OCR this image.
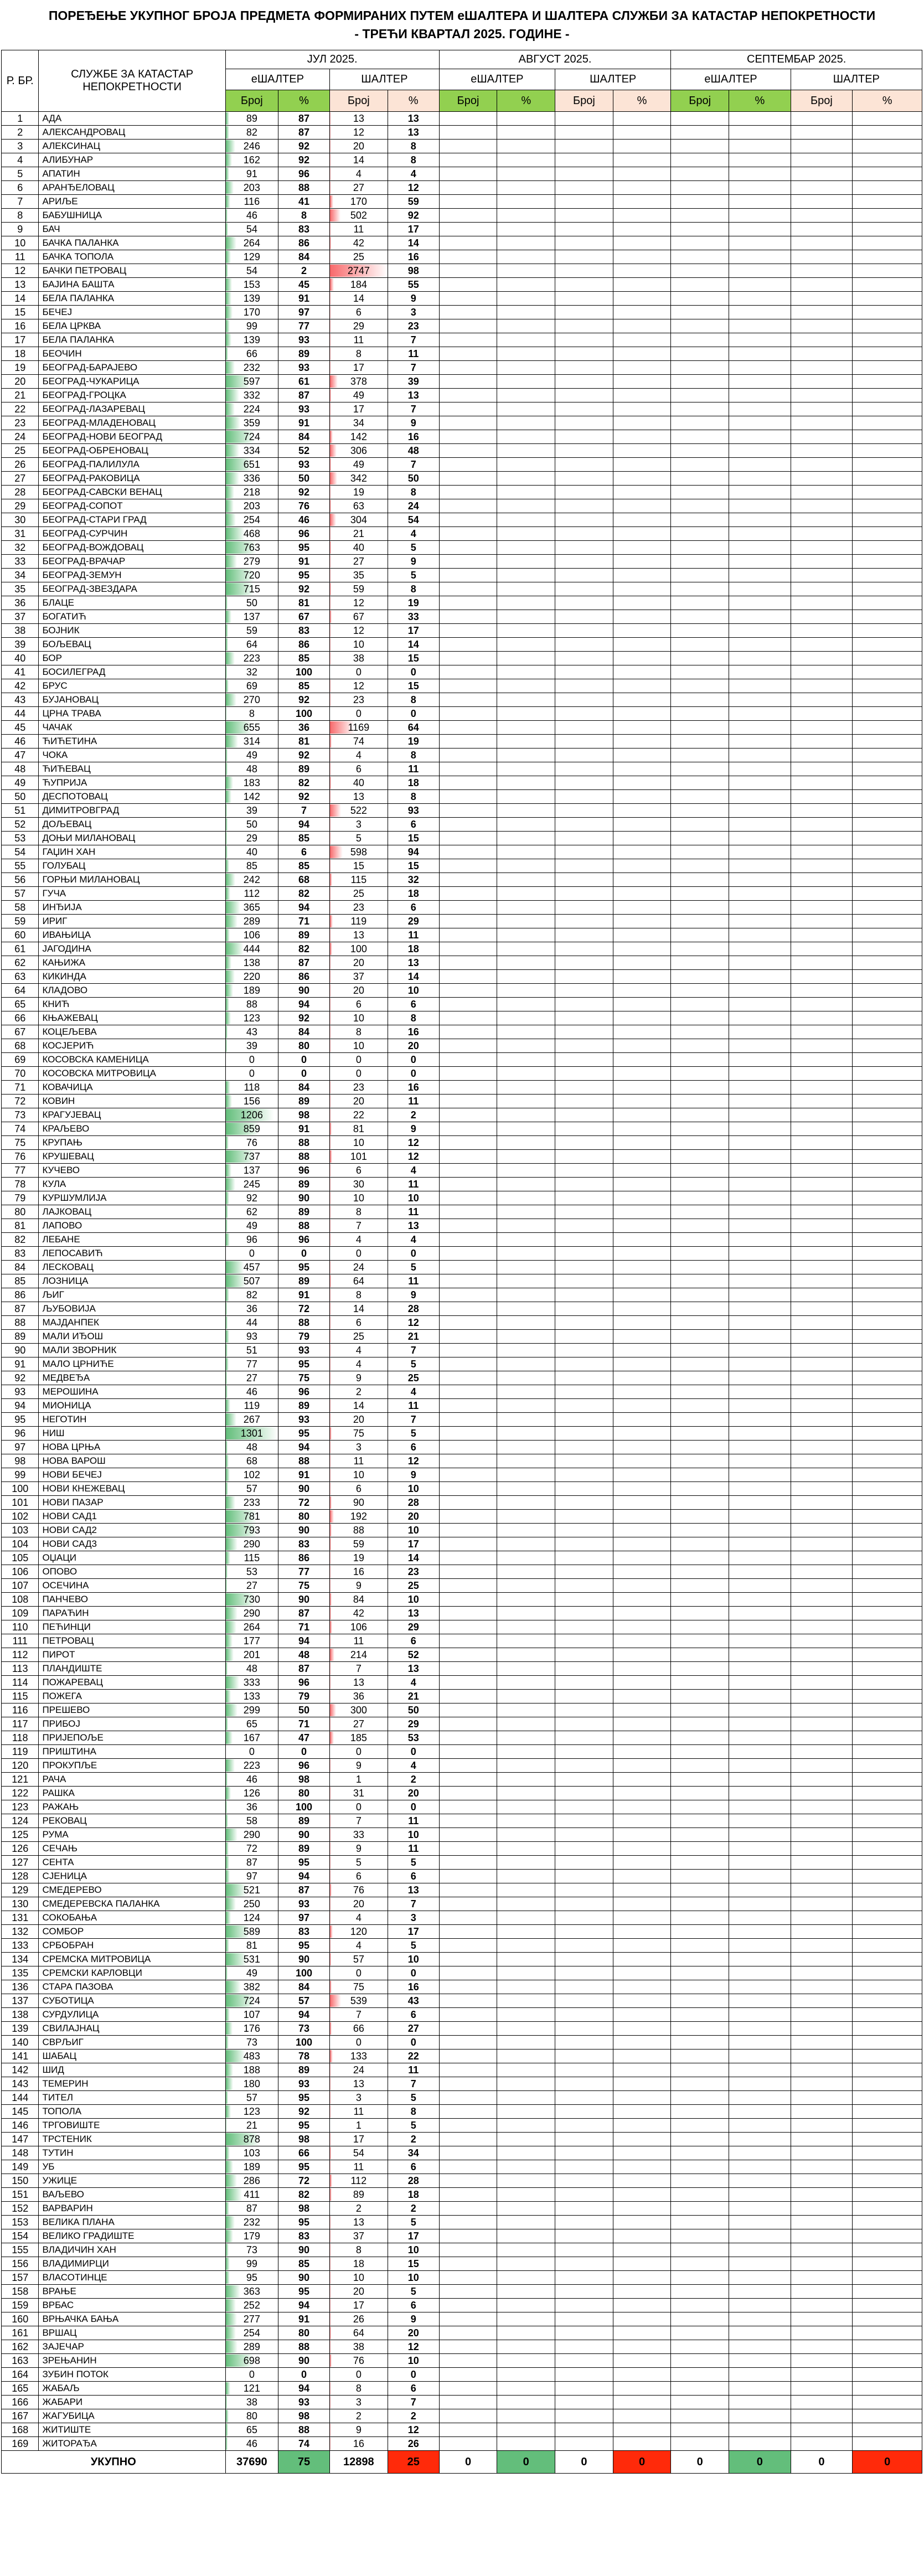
ПОРЕЂЕЊЕ УКУПНОГ БРОЈА ПРЕДМЕТА ФОРМИРАНИХ ПУТЕМ еШАЛТЕРА И ШАЛТЕРА СЛУЖБИ ЗА КАТАСТАР НЕПОКРЕТНОСТИ
- ТРЕЋИ КВАРТАЛ 2025. ГОДИНЕ -
Р. БР.	СЛУЖБЕ ЗА КАТАСТАР НЕПОКРЕТНОСТИ	ЈУЛ 2025.				АВГУСТ 2025.				СЕПТЕМБАР 2025.			
		еШАЛТЕР		ШАЛТЕР		еШАЛТЕР		ШАЛТЕР		еШАЛТЕР		ШАЛТЕР	
		Број	%	Број	%	Број	%	Број	%	Број	%	Број	%
1	АДА	89	87	13	13								
2	АЛЕКСАНДРОВАЦ	82	87	12	13								
3	АЛЕКСИНАЦ	246	92	20	8								
4	АЛИБУНАР	162	92	14	8								
5	АПАТИН	91	96	4	4								
6	АРАНЂЕЛОВАЦ	203	88	27	12								
7	АРИЉЕ	116	41	170	59								
8	БАБУШНИЦА	46	8	502	92								
9	БАЧ	54	83	11	17								
10	БАЧКА ПАЛАНКА	264	86	42	14								
11	БАЧКА ТОПОЛА	129	84	25	16								
12	БАЧКИ ПЕТРОВАЦ	54	2	2747	98								
13	БАЈИНА БАШТА	153	45	184	55								
14	БЕЛА ПАЛАНКА	139	91	14	9								
15	БЕЧЕЈ	170	97	6	3								
16	БЕЛА ЦРКВА	99	77	29	23								
17	БЕЛА ПАЛАНКА	139	93	11	7								
18	БЕОЧИН	66	89	8	11								
19	БЕОГРАД-БАРАЈЕВО	232	93	17	7								
20	БЕОГРАД-ЧУКАРИЦА	597	61	378	39								
21	БЕОГРАД-ГРОЦКА	332	87	49	13								
22	БЕОГРАД-ЛАЗАРЕВАЦ	224	93	17	7								
23	БЕОГРАД-МЛАДЕНОВАЦ	359	91	34	9								
24	БЕОГРАД-НОВИ БЕОГРАД	724	84	142	16								
25	БЕОГРАД-ОБРЕНОВАЦ	334	52	306	48								
26	БЕОГРАД-ПАЛИЛУЛА	651	93	49	7								
27	БЕОГРАД-РАКОВИЦА	336	50	342	50								
28	БЕОГРАД-САВСКИ ВЕНАЦ	218	92	19	8								
29	БЕОГРАД-СОПОТ	203	76	63	24								
30	БЕОГРАД-СТАРИ ГРАД	254	46	304	54								
31	БЕОГРАД-СУРЧИН	468	96	21	4								
32	БЕОГРАД-ВОЖДОВАЦ	763	95	40	5								
33	БЕОГРАД-ВРАЧАР	279	91	27	9								
34	БЕОГРАД-ЗЕМУН	720	95	35	5								
35	БЕОГРАД-ЗВЕЗДАРА	715	92	59	8								
36	БЛАЦЕ	50	81	12	19								
37	БОГАТИЋ	137	67	67	33								
38	БОЈНИК	59	83	12	17								
39	БОЉЕВАЦ	64	86	10	14								
40	БОР	223	85	38	15								
41	БОСИЛЕГРАД	32	100	0	0								
42	БРУС	69	85	12	15								
43	БУЈАНОВАЦ	270	92	23	8								
44	ЦРНА ТРАВА	8	100	0	0								
45	ЧАЧАК	655	36	1169	64								
46	ЋИЋЕТИНА	314	81	74	19								
47	ЧОКА	49	92	4	8								
48	ЋИЋЕВАЦ	48	89	6	11								
49	ЋУПРИЈА	183	82	40	18								
50	ДЕСПОТОВАЦ	142	92	13	8								
51	ДИМИТРОВГРАД	39	7	522	93								
52	ДОЉЕВАЦ	50	94	3	6								
53	ДОЊИ МИЛАНОВАЦ	29	85	5	15								
54	ГАЏИН ХАН	40	6	598	94								
55	ГОЛУБАЦ	85	85	15	15								
56	ГОРЊИ МИЛАНОВАЦ	242	68	115	32								
57	ГУЧА	112	82	25	18								
58	ИНЂИЈА	365	94	23	6								
59	ИРИГ	289	71	119	29								
60	ИВАЊИЦА	106	89	13	11								
61	ЈАГОДИНА	444	82	100	18								
62	КАЊИЖА	138	87	20	13								
63	КИКИНДА	220	86	37	14								
64	КЛАДОВО	189	90	20	10								
65	КНИЋ	88	94	6	6								
66	КЊАЖЕВАЦ	123	92	10	8								
67	КОЦЕЉЕВА	43	84	8	16								
68	КОСЈЕРИЋ	39	80	10	20								
69	КОСОВСКА КАМЕНИЦА	0	0	0	0								
70	КОСОВСКА МИТРОВИЦА	0	0	0	0								
71	КОВАЧИЦА	118	84	23	16								
72	КОВИН	156	89	20	11								
73	КРАГУЈЕВАЦ	1206	98	22	2								
74	КРАЉЕВО	859	91	81	9								
75	КРУПАЊ	76	88	10	12								
76	КРУШЕВАЦ	737	88	101	12								
77	КУЧЕВО	137	96	6	4								
78	КУЛА	245	89	30	11								
79	КУРШУМЛИЈА	92	90	10	10								
80	ЛАЈКОВАЦ	62	89	8	11								
81	ЛАПОВО	49	88	7	13								
82	ЛЕБАНЕ	96	96	4	4								
83	ЛЕПОСАВИЋ	0	0	0	0								
84	ЛЕСКОВАЦ	457	95	24	5								
85	ЛОЗНИЦА	507	89	64	11								
86	ЉИГ	82	91	8	9								
87	ЉУБОВИЈА	36	72	14	28								
88	МАЈДАНПЕК	44	88	6	12								
89	МАЛИ ИЂОШ	93	79	25	21								
90	МАЛИ ЗВОРНИК	51	93	4	7								
91	МАЛО ЦРНИЋЕ	77	95	4	5								
92	МЕДВЕЂА	27	75	9	25								
93	МЕРОШИНА	46	96	2	4								
94	МИОНИЦА	119	89	14	11								
95	НЕГОТИН	267	93	20	7								
96	НИШ	1301	95	75	5								
97	НОВА ЦРЊА	48	94	3	6								
98	НОВА ВАРОШ	68	88	11	12								
99	НОВИ БЕЧЕЈ	102	91	10	9								
100	НОВИ КНЕЖЕВАЦ	57	90	6	10								
101	НОВИ ПАЗАР	233	72	90	28								
102	НОВИ САД1	781	80	192	20								
103	НОВИ САД2	793	90	88	10								
104	НОВИ САД3	290	83	59	17								
105	ОЏАЦИ	115	86	19	14								
106	ОПОВО	53	77	16	23								
107	ОСЕЧИНА	27	75	9	25								
108	ПАНЧЕВО	730	90	84	10								
109	ПАРАЋИН	290	87	42	13								
110	ПЕЋИНЦИ	264	71	106	29								
111	ПЕТРОВАЦ	177	94	11	6								
112	ПИРОТ	201	48	214	52								
113	ПЛАНДИШТЕ	48	87	7	13								
114	ПОЖАРЕВАЦ	333	96	13	4								
115	ПОЖЕГА	133	79	36	21								
116	ПРЕШЕВО	299	50	300	50								
117	ПРИБОЈ	65	71	27	29								
118	ПРИЈЕПОЉЕ	167	47	185	53								
119	ПРИШТИНА	0	0	0	0								
120	ПРОКУПЉЕ	223	96	9	4								
121	РАЧА	46	98	1	2								
122	РАШКА	126	80	31	20								
123	РАЖАЊ	36	100	0	0								
124	РЕКОВАЦ	58	89	7	11								
125	РУМА	290	90	33	10								
126	СЕЧАЊ	72	89	9	11								
127	СЕНТА	87	95	5	5								
128	СЈЕНИЦА	97	94	6	6								
129	СМЕДЕРЕВО	521	87	76	13								
130	СМЕДЕРЕВСКА ПАЛАНКА	250	93	20	7								
131	СОКОБАЊА	124	97	4	3								
132	СОМБОР	589	83	120	17								
133	СРБОБРАН	81	95	4	5								
134	СРЕМСКА МИТРОВИЦА	531	90	57	10								
135	СРЕМСКИ КАРЛОВЦИ	49	100	0	0								
136	СТАРА ПАЗОВА	382	84	75	16								
137	СУБОТИЦА	724	57	539	43								
138	СУРДУЛИЦА	107	94	7	6								
139	СВИЛАЈНАЦ	176	73	66	27								
140	СВРЉИГ	73	100	0	0								
141	ШАБАЦ	483	78	133	22								
142	ШИД	188	89	24	11								
143	ТЕМЕРИН	180	93	13	7								
144	ТИТЕЛ	57	95	3	5								
145	ТОПОЛА	123	92	11	8								
146	ТРГОВИШТЕ	21	95	1	5								
147	ТРСТЕНИК	878	98	17	2								
148	ТУТИН	103	66	54	34								
149	УБ	189	95	11	6								
150	УЖИЦЕ	286	72	112	28								
151	ВАЉЕВО	411	82	89	18								
152	ВАРВАРИН	87	98	2	2								
153	ВЕЛИКА ПЛАНА	232	95	13	5								
154	ВЕЛИКО ГРАДИШТЕ	179	83	37	17								
155	ВЛАДИЧИН ХАН	73	90	8	10								
156	ВЛАДИМИРЦИ	99	85	18	15								
157	ВЛАСОТИНЦЕ	95	90	10	10								
158	ВРАЊЕ	363	95	20	5								
159	ВРБАС	252	94	17	6								
160	ВРЊАЧКА БАЊА	277	91	26	9								
161	ВРШАЦ	254	80	64	20								
162	ЗАЈЕЧАР	289	88	38	12								
163	ЗРЕЊАНИН	698	90	76	10								
164	ЗУБИН ПОТОК	0	0	0	0								
165	ЖАБАЉ	121	94	8	6								
166	ЖАБАРИ	38	93	3	7								
167	ЖАГУБИЦА	80	98	2	2								
168	ЖИТИШТЕ	65	88	9	12								
169	ЖИТОРАЂА	46	74	16	26								
УКУПНО		37690	75	12898	25	0	0	0	0	0	0	0	0
